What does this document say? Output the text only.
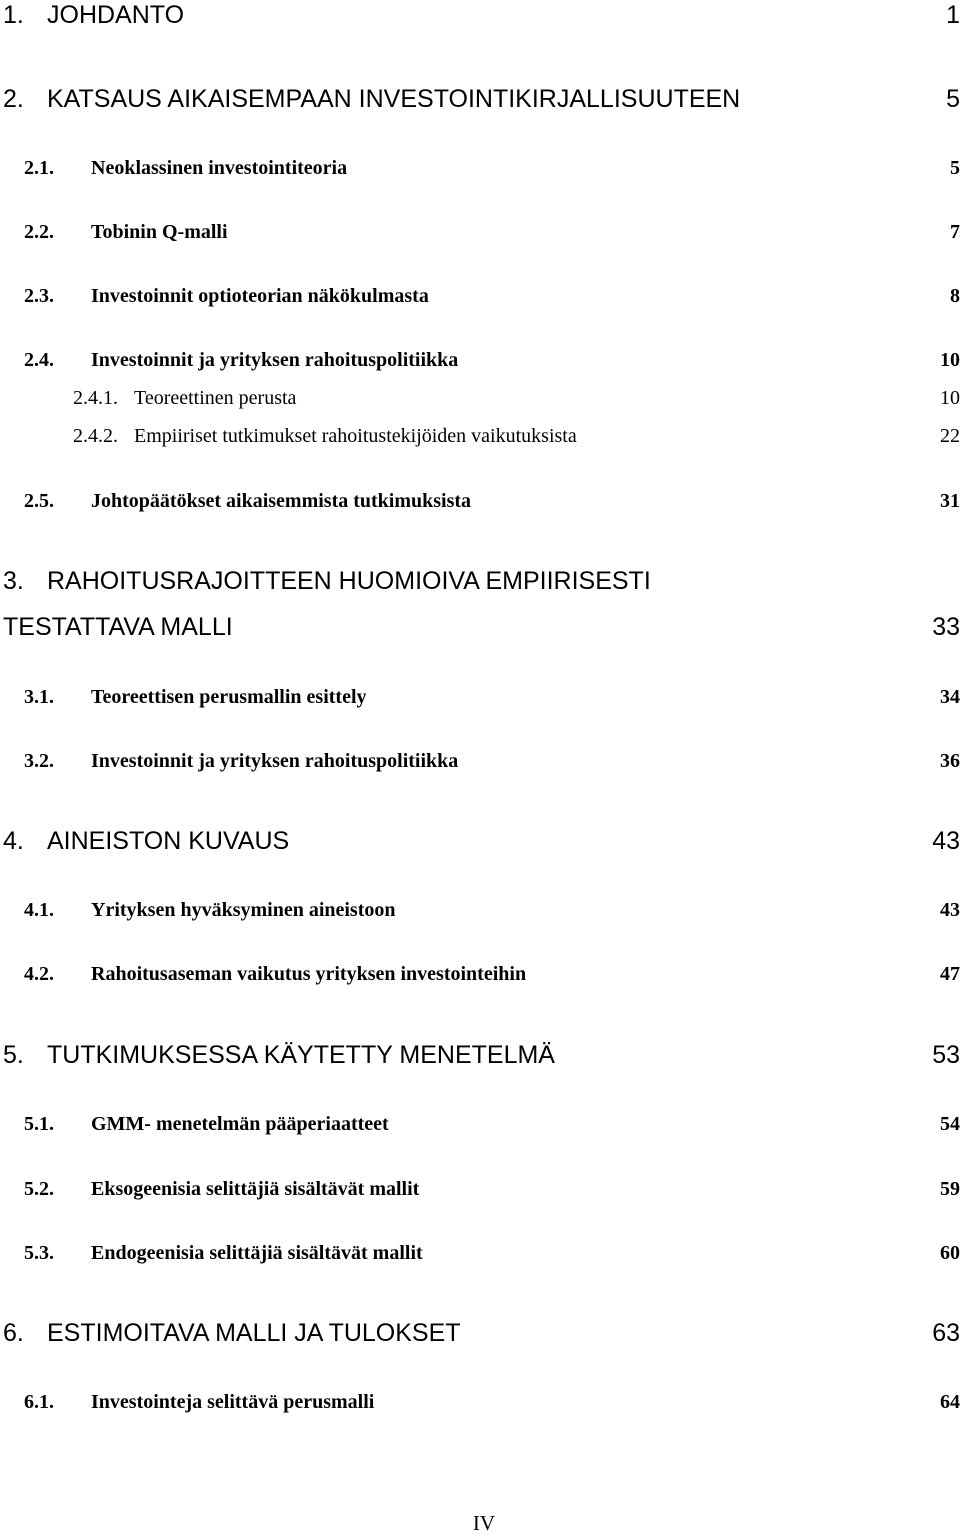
1. JOHDANTO	1
2. KATSAUS AIKAISEMPAAN INVESTOINTIKIRJALLISUUTEEN	5
2.1. Neoklassinen investointiteoria	5
2.2. Tobinin Q-malli	7
2.3. Investoinnit optioteorian näkökulmasta	8
2.4. Investoinnit ja yrityksen rahoituspolitiikka	10
2.4.1. Teoreettinen perusta	10
2.4.2. Empiiriset tutkimukset rahoitustekijöiden vaikutuksista	22
2.5. Johtopäätökset aikaisemmista tutkimuksista	31
3. RAHOITUSRAJOITTEEN HUOMIOIVA EMPIIRISESTI
TESTATTAVA MALLI	33
3.1. Teoreettisen perusmallin esittely	34
3.2. Investoinnit ja yrityksen rahoituspolitiikka	36
4. AINEISTON KUVAUS	43
4.1. Yrityksen hyväksyminen aineistoon	43
4.2. Rahoitusaseman vaikutus yrityksen investointeihin	47
5. TUTKIMUKSESSA KÄYTETTY MENETELMÄ	53
5.1. GMM- menetelmän pääperiaatteet	54
5.2. Eksogeenisia selittäjiä sisältävät mallit	59
5.3. Endogeenisia selittäjiä sisältävät mallit	60
6. ESTIMOITAVA MALLI JA TULOKSET	63
6.1. Investointeja selittävä perusmalli	64
IV
